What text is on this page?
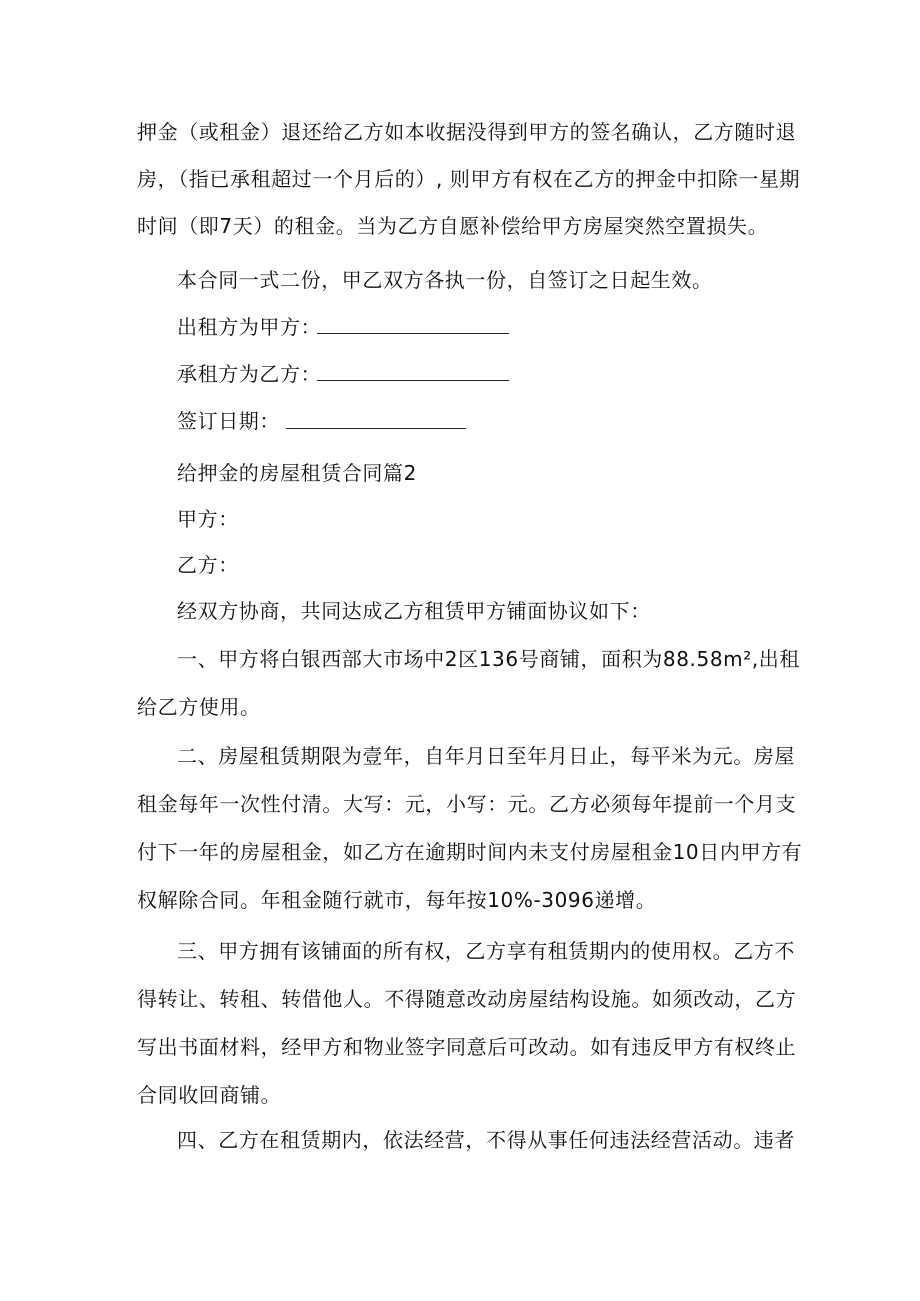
押金（或租金）退还给乙方如本收据没得到甲方的签名确认，乙方随时退
房，（指已承租超过一个月后的）, 则甲方有权在乙方的押金中扣除一星期
时间（即7天）的租金。当为乙方自愿补偿给甲方房屋突然空置损失。
本合同一式二份，甲乙双方各执一份，自签订之日起生效。
出租方为甲方：
承租方为乙方：
签订日期：
给押金的房屋租赁合同篇2
甲方：
乙方：
经双方协商，共同达成乙方租赁甲方铺面协议如下：
一、甲方将白银西部大市场中2区136号商铺，面积为88.58m²,出租
给乙方使用。
二、房屋租赁期限为壹年，自年月日至年月日止，每平米为元。房屋
租金每年一次性付清。大写：元，小写：元。乙方必须每年提前一个月支
付下一年的房屋租金，如乙方在逾期时间内未支付房屋租金10日内甲方有
权解除合同。年租金随行就市，每年按10%-3096递增。
三、甲方拥有该铺面的所有权，乙方享有租赁期内的使用权。乙方不
得转让、转租、转借他人。不得随意改动房屋结构设施。如须改动，乙方
写出书面材料，经甲方和物业签字同意后可改动。如有违反甲方有权终止
合同收回商铺。
四、乙方在租赁期内，依法经营，不得从事任何违法经营活动。违者
